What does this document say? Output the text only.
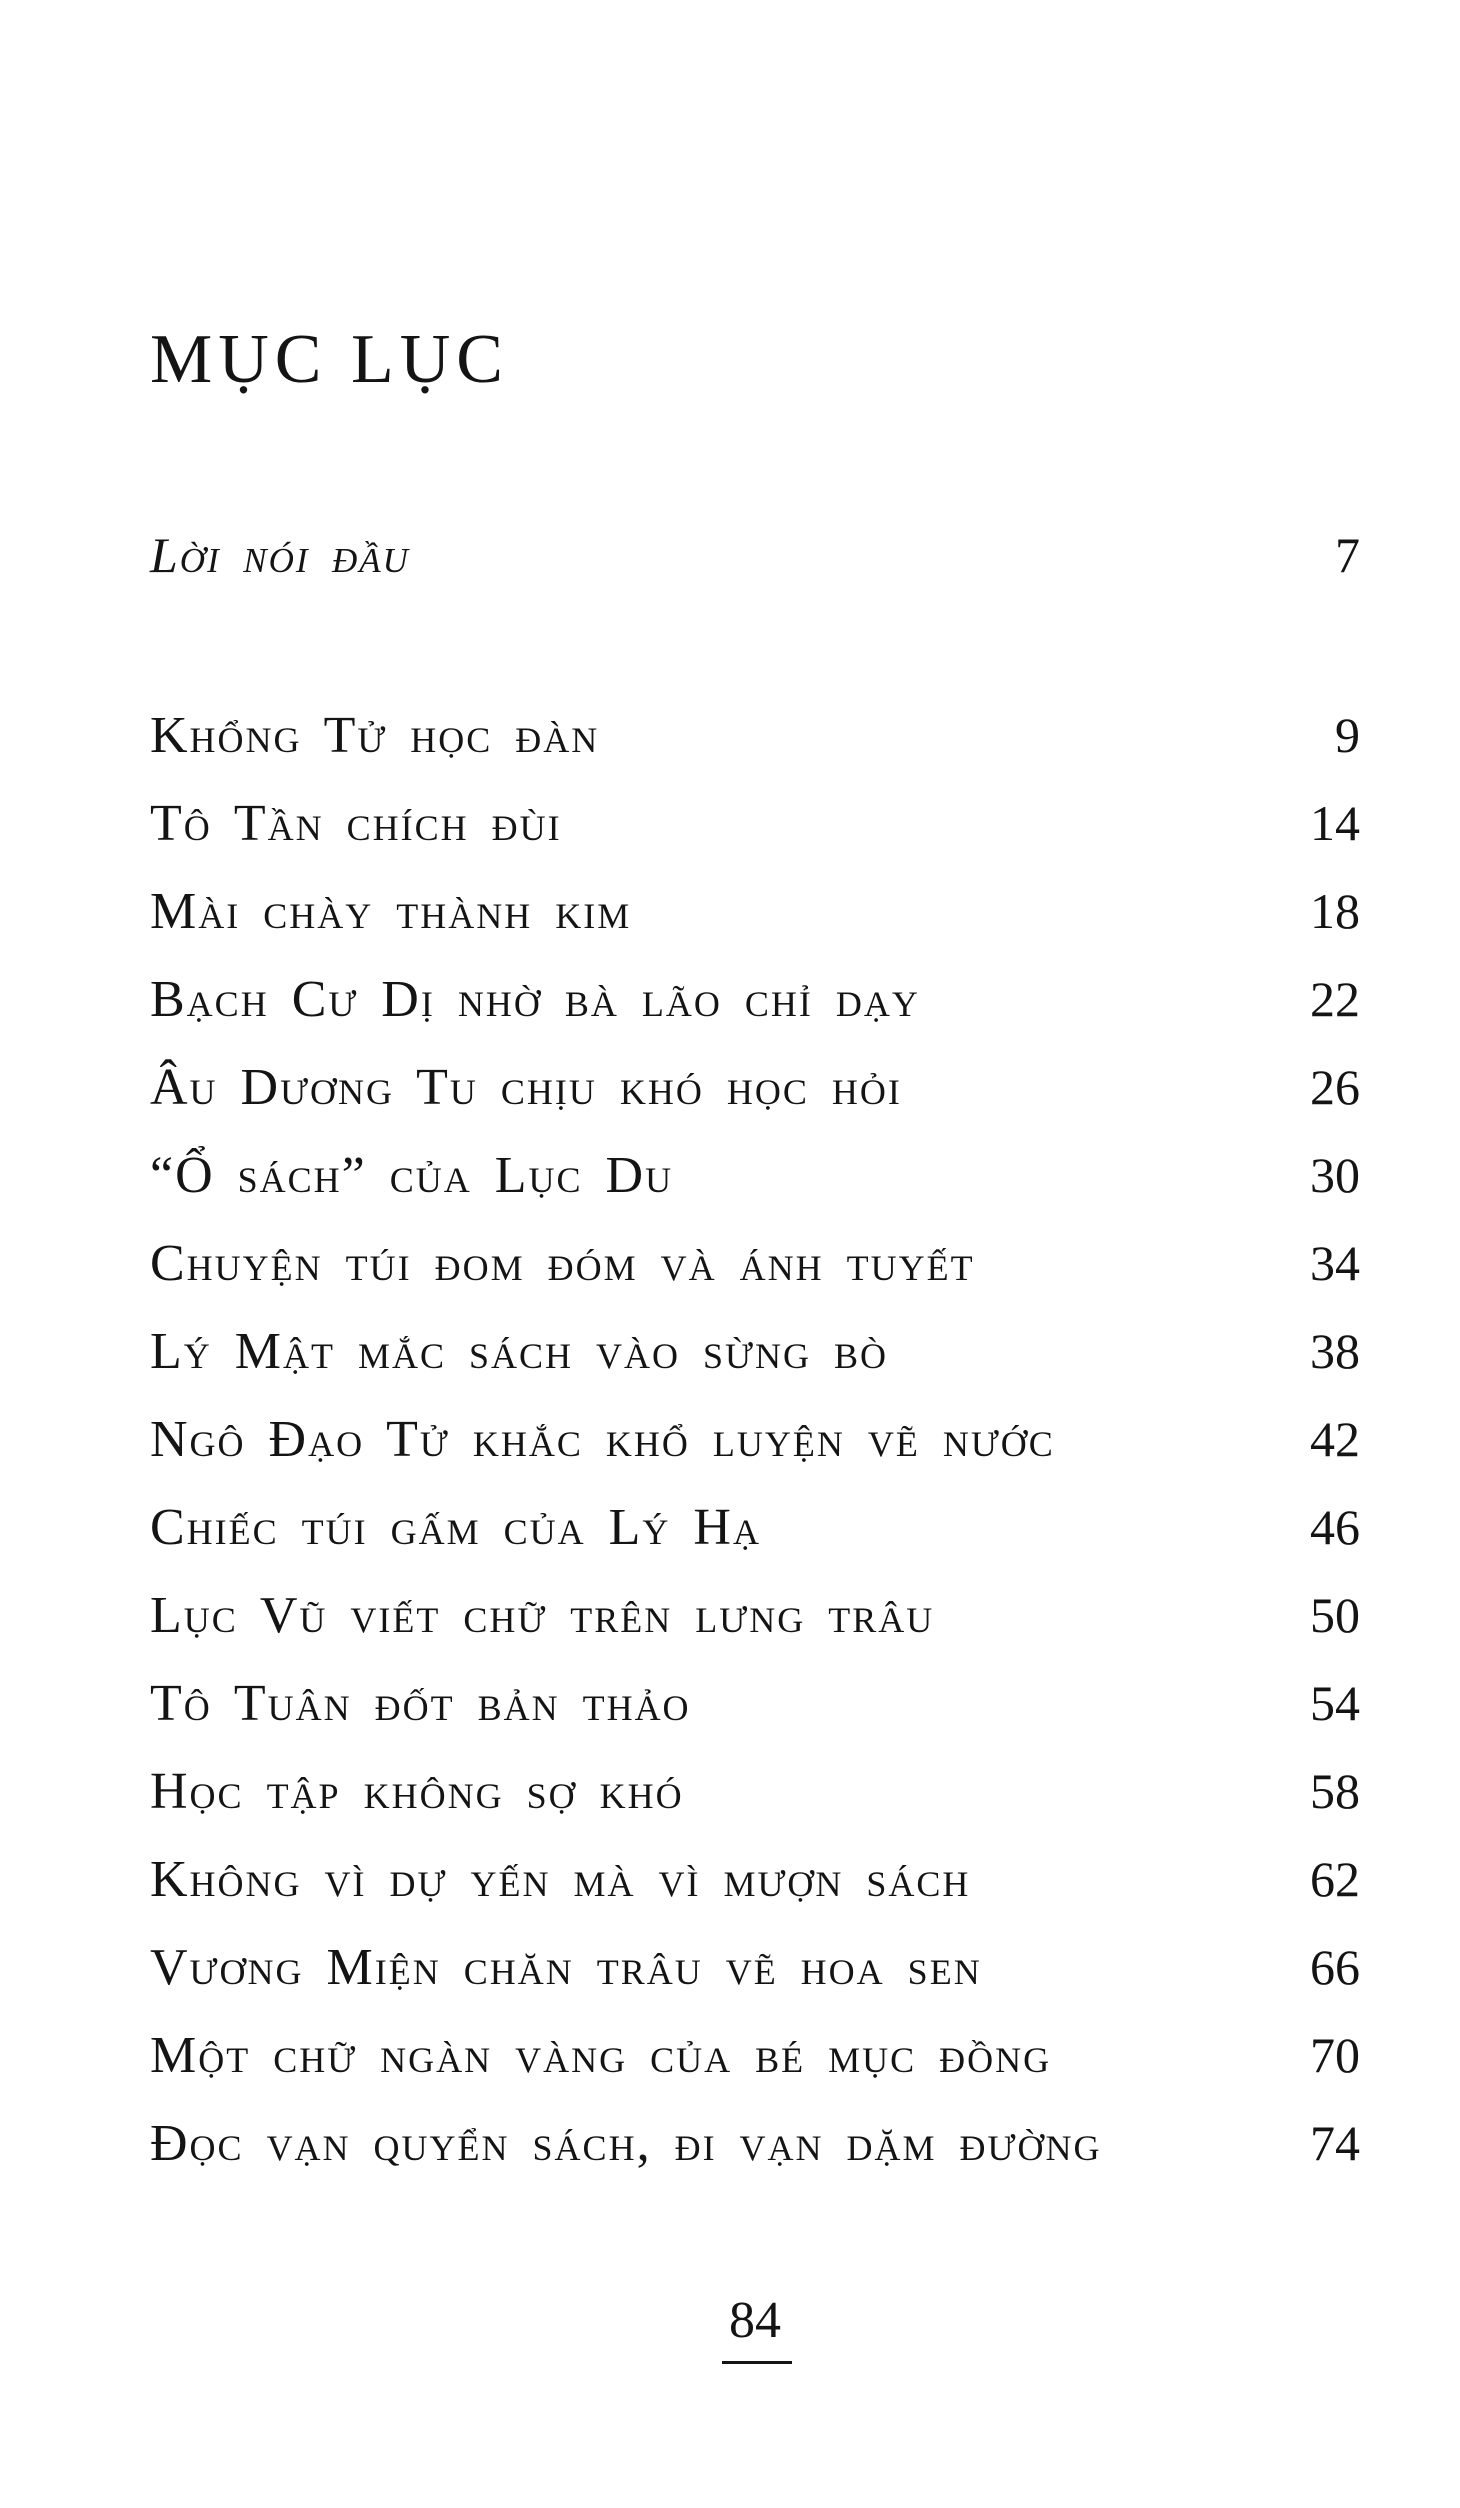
MỤC LỤC
Lời nói đầu	7
Khổng Tử học đàn	9
Tô Tần chích đùi	14
Mài chày thành kim	18
Bạch Cư Dị nhờ bà lão chỉ dạy	22
Âu Dương Tu chịu khó học hỏi	26
“Ổ sách” của Lục Du	30
Chuyện túi đom đóm và ánh tuyết	34
Lý Mật mắc sách vào sừng bò	38
Ngô Đạo Tử khắc khổ luyện vẽ nước	42
Chiếc túi gấm của Lý Hạ	46
Lục Vũ viết chữ trên lưng trâu	50
Tô Tuân đốt bản thảo	54
Học tập không sợ khó	58
Không vì dự yến mà vì mượn sách	62
Vương Miện chăn trâu vẽ hoa sen	66
Một chữ ngàn vàng của bé mục đồng	70
Đọc vạn quyển sách, đi vạn dặm đường	74
84
